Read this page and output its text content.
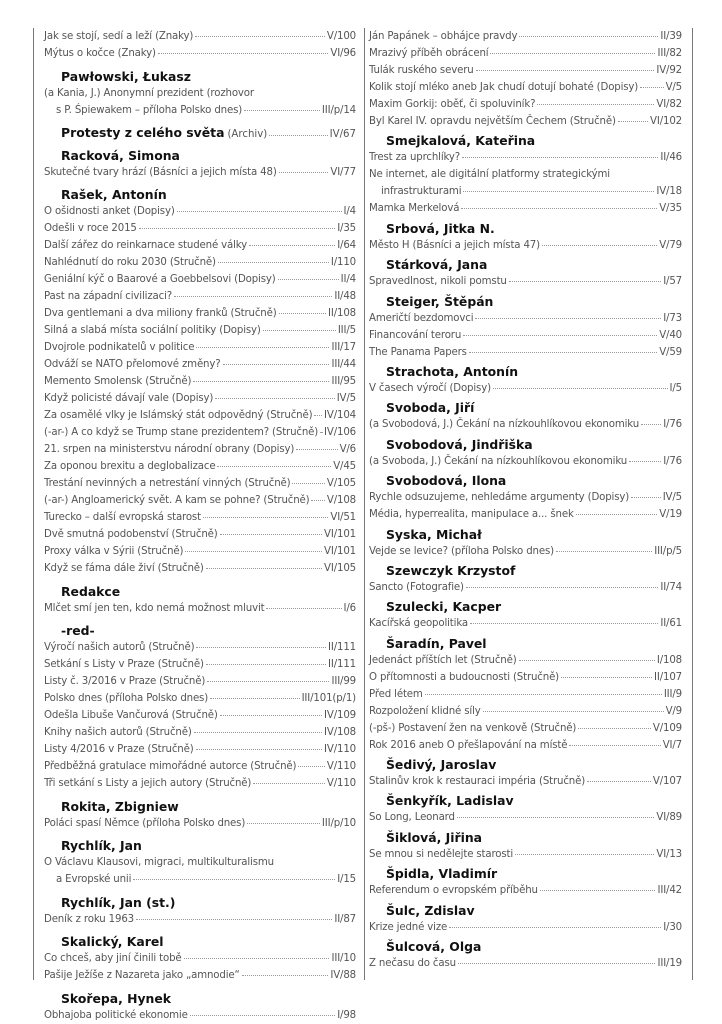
Jak se stojí, sedí a leží (Znaky)	V/100
Mýtus o kočce (Znaky)	VI/96
Pawłowski, Łukasz
(a Kania, J.) Anonymní prezident (rozhovor
s P. Śpiewakem – příloha Polsko dnes)	III/p/14
Protesty z celého světa (Archiv)	IV/67
Racková, Simona
Skutečné tvary hrází (Básníci a jejich místa 48)	VI/77
Rašek, Antonín
O ošidnosti anket (Dopisy)	I/4
Odešli v roce 2015	I/35
Další zářez do reinkarnace studené války	I/64
Nahlédnutí do roku 2030 (Stručně)	I/110
Geniální kýč o Baarové a Goebbelsovi (Dopisy)	II/4
Past na západní civilizaci?	II/48
Dva gentlemani a dva miliony franků (Stručně)	II/108
Silná a slabá místa sociální politiky (Dopisy)	III/5
Dvojrole podnikatelů v politice	III/17
Odváží se NATO přelomové změny?	III/44
Memento Smolensk (Stručně)	III/95
Když policisté dávají vale (Dopisy)	IV/5
Za osamělé vlky je Islámský stát odpovědný (Stručně) IV/104
(-ar-) A co když se Trump stane prezidentem? (Stručně) IV/106
21. srpen na ministerstvu národní obrany (Dopisy)	V/6
Za oponou brexitu a deglobalizace	V/45
Trestání nevinných a netrestání vinných (Stručně)	V/105
(-ar-) Angloamerický svět. A kam se pohne? (Stručně) V/108
Turecko – další evropská starost	VI/51
Dvě smutná podobenství (Stručně)	VI/101
Proxy válka v Sýrii (Stručně)	VI/101
Když se fáma dále živí (Stručně)	VI/105
Redakce
Mlčet smí jen ten, kdo nemá možnost mluvit	I/6
-red-
Výročí našich autorů (Stručně)	II/111
Setkání s Listy v Praze (Stručně)	II/111
Listy č. 3/2016 v Praze (Stručně)	III/99
Polsko dnes (příloha Polsko dnes)	III/101(p/1)
Odešla Libuše Vančurová (Stručně)	IV/109
Knihy našich autorů (Stručně)	IV/108
Listy 4/2016 v Praze (Stručně)	IV/110
Předběžná gratulace mimořádné autorce (Stručně)	V/110
Tři setkání s Listy a jejich autory (Stručně)	V/110
Rokita, Zbigniew
Poláci spasí Němce (příloha Polsko dnes)	III/p/10
Rychlík, Jan
O Václavu Klausovi, migraci, multikulturalismu
a Evropské unii	I/15
Rychlík, Jan (st.)
Deník z roku 1963	II/87
Skalický, Karel
Co chceš, aby jiní činili tobě	III/10
Pašije Ježíše z Nazareta jako „amnodie“	IV/88
Skořepa, Hynek
Obhajoba politické ekonomie	I/98
Ján Papánek – obhájce pravdy	II/39
Mrazivý příběh obrácení	III/82
Tulák ruského severu	IV/92
Kolik stojí mléko aneb Jak chudí dotují bohaté (Dopisy)	V/5
Maxim Gorkij: oběť, či spoluviník?	VI/82
Byl Karel IV. opravdu největším Čechem (Stručně)	VI/102
Smejkalová, Kateřina
Trest za uprchlíky?	II/46
Ne internet, ale digitální platformy strategickými
infrastrukturami	IV/18
Mamka Merkelová	V/35
Srbová, Jitka N.
Město H (Básníci a jejich místa 47)	V/79
Stárková, Jana
Spravedlnost, nikoli pomstu	I/57
Steiger, Štěpán
Američtí bezdomovci	I/73
Financování teroru	V/40
The Panama Papers	V/59
Strachota, Antonín
V časech výročí (Dopisy)	I/5
Svoboda, Jiří
(a Svobodová, J.) Čekání na nízkouhlíkovou ekonomiku I/76
Svobodová, Jindřiška
(a Svoboda, J.) Čekání na nízkouhlíkovou ekonomiku	I/76
Svobodová, Ilona
Rychle odsuzujeme, nehledáme argumenty (Dopisy)	IV/5
Média, hyperrealita, manipulace a... šnek	V/19
Syska, Michał
Vejde se levice? (příloha Polsko dnes)	III/p/5
Szewczyk Krzystof
Sancto (Fotografie)	II/74
Szulecki, Kacper
Kacířská geopolitika	II/61
Šaradín, Pavel
Jedenáct příštích let (Stručně)	I/108
O přítomnosti a budoucnosti (Stručně)	II/107
Před létem	III/9
Rozpoložení klidné síly	V/9
(-pš-) Postavení žen na venkově (Stručně)	V/109
Rok 2016 aneb O přešlapování na místě	VI/7
Šedivý, Jaroslav
Stalinův krok k restauraci impéria (Stručně)	V/107
Šenkyřík, Ladislav
So Long, Leonard	VI/89
Šiklová, Jiřina
Se mnou si nedělejte starosti	VI/13
Špidla, Vladimír
Referendum o evropském příběhu	III/42
Šulc, Zdislav
Krize jedné vize	I/30
Šulcová, Olga
Z nečasu do času	III/19
